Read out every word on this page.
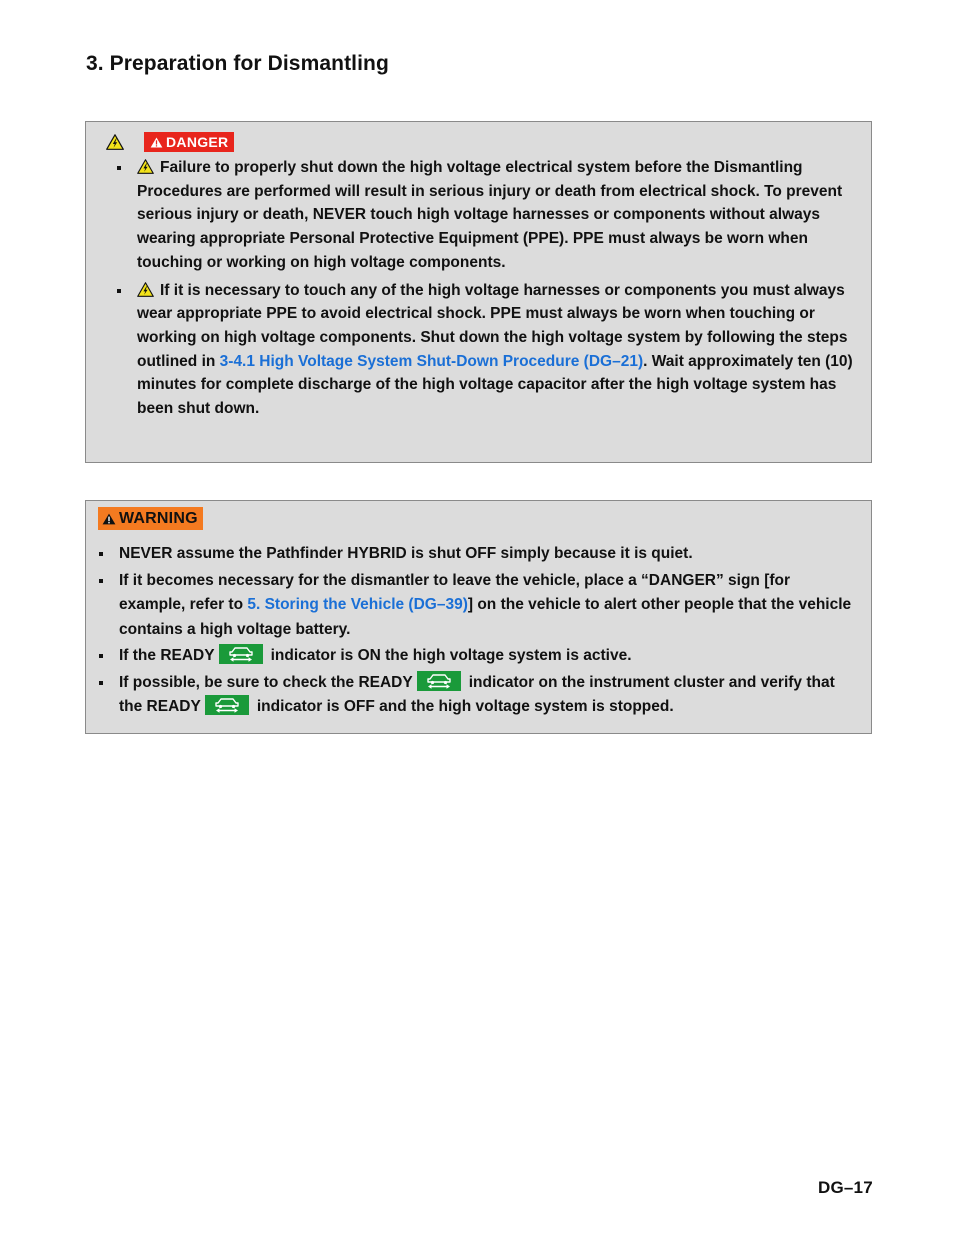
3. Preparation for Dismantling
DANGER
Failure to properly shut down the high voltage electrical system before the Dismantling Procedures are performed will result in serious injury or death from electrical shock. To prevent serious injury or death, NEVER touch high voltage harnesses or components without always wearing appropriate Personal Protective Equipment (PPE). PPE must always be worn when touching or working on high voltage components.
If it is necessary to touch any of the high voltage harnesses or components you must always wear appropriate PPE to avoid electrical shock. PPE must always be worn when touching or working on high voltage components. Shut down the high voltage system by following the steps outlined in 3-4.1 High Voltage System Shut-Down Procedure (DG–21). Wait approximately ten (10) minutes for complete discharge of the high voltage capacitor after the high voltage system has been shut down.
WARNING
NEVER assume the Pathfinder HYBRID is shut OFF simply because it is quiet.
If it becomes necessary for the dismantler to leave the vehicle, place a “DANGER” sign [for example, refer to 5. Storing the Vehicle (DG–39)] on the vehicle to alert other people that the vehicle contains a high voltage battery.
If the READY	indicator is ON the high voltage system is active.
If possible, be sure to check the READY	indicator on the instrument cluster and verify that the READY	indicator is OFF and the high voltage system is stopped.
DG–17
